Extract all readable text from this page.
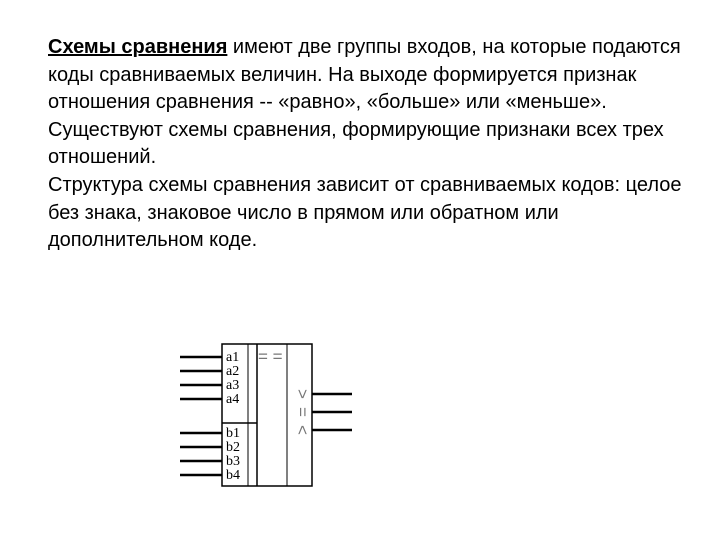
Схемы сравнения имеют две группы входов, на которые подаются коды сравниваемых величин. На выходе формируется признак отношения сравнения -- «равно», «больше» или «меньше».

Существуют схемы сравнения, формирующие признаки всех трех отношений.

Структура схемы сравнения зависит от сравниваемых кодов: целое без знака, знаковое число в прямом или обратном или дополнительном коде.

a1
a2
a3
a4
b1
b2
b3
b4
= =
>
=
<
